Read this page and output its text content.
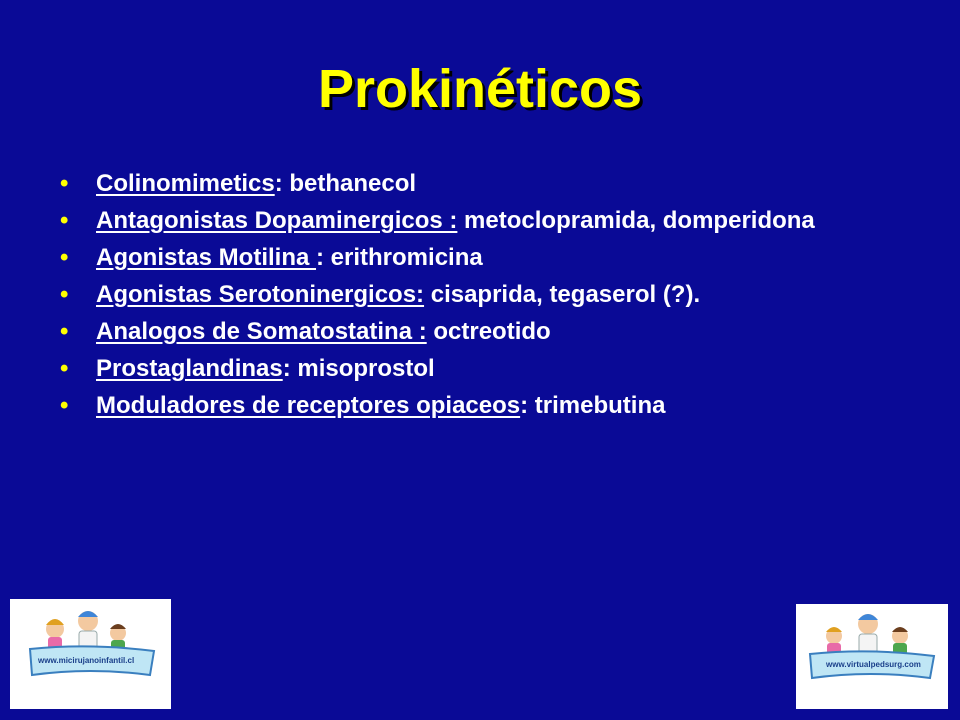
Prokinéticos
• Colinomimetics: bethanecol
• Antagonistas Dopaminergicos : metoclopramida, domperidona
• Agonistas Motilina : erithromicina
• Agonistas Serotoninergicos: cisaprida, tegaserol (?).
• Analogos de Somatostatina : octreotido
• Prostaglandinas: misoprostol
• Moduladores de receptores opiaceos: trimebutina
www.micirujanoinfantil.cl	www.virtualpedsurg.com
